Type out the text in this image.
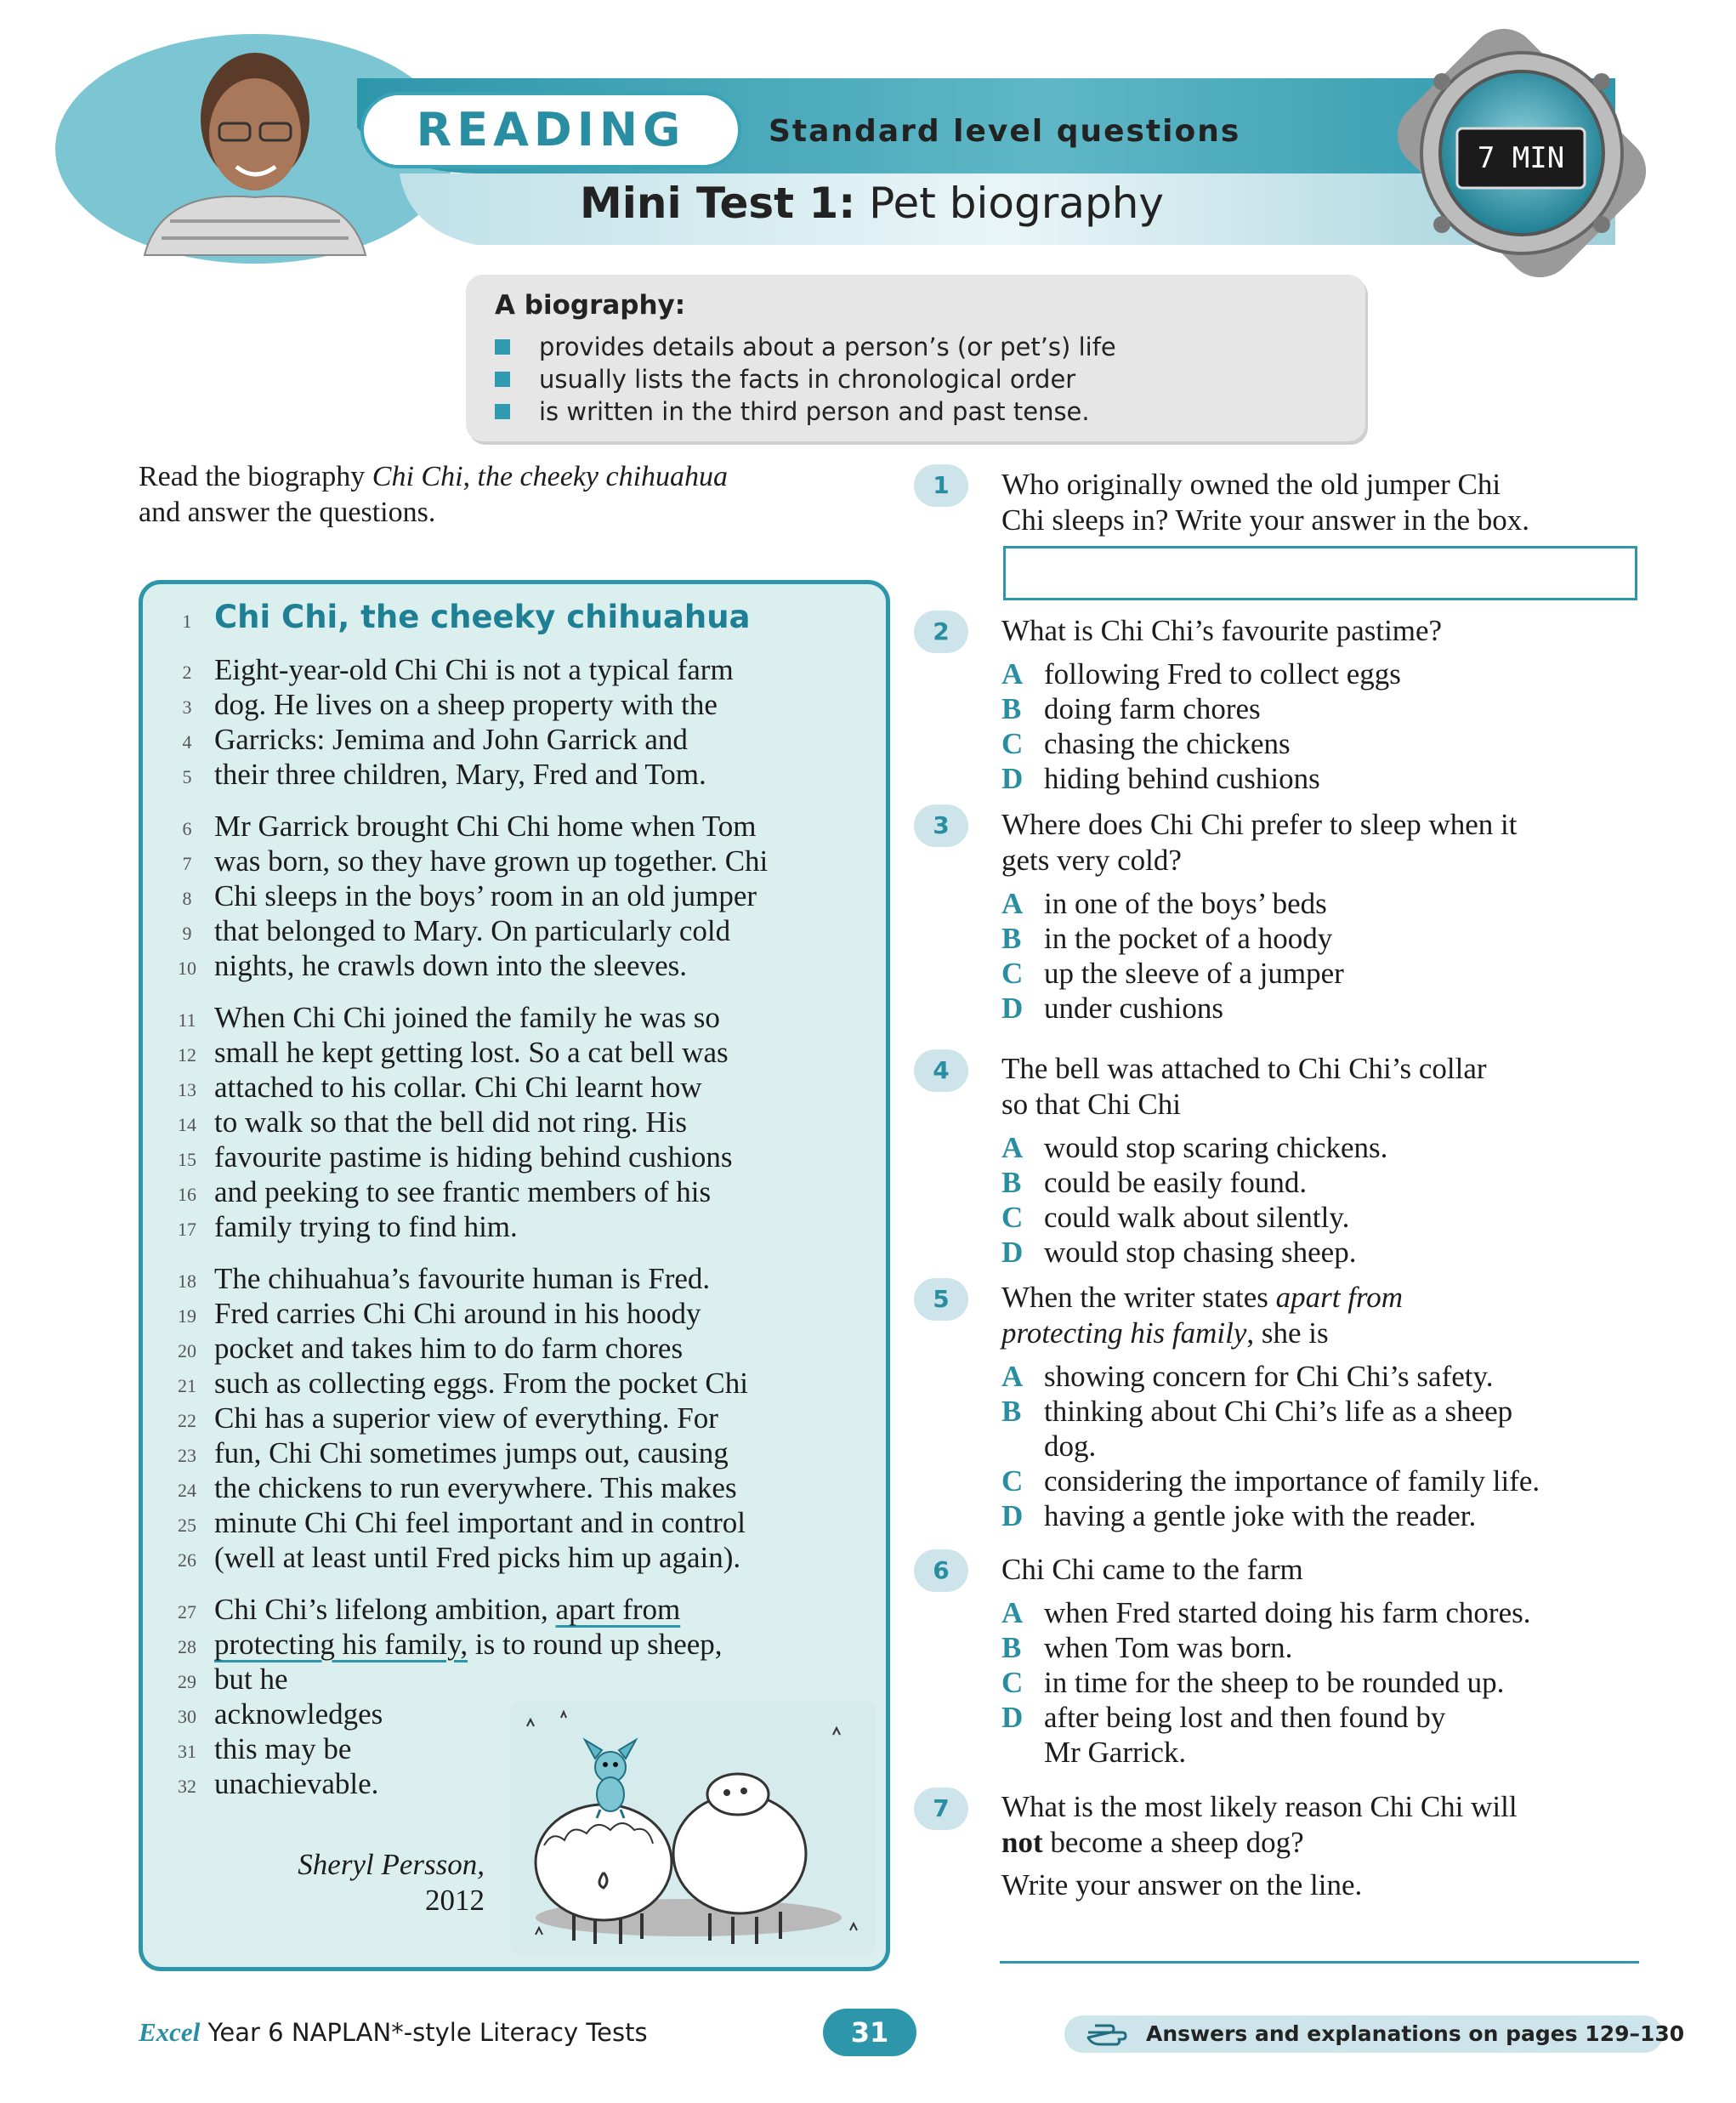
READING	Standard level questions
Mini Test 1: Pet biography
7 MIN
A biography:
provides details about a person’s (or pet’s) life
usually lists the facts in chronological order
is written in the third person and past tense.
Read the biography Chi Chi, the cheeky chihuahua
and answer the questions.
1
2
3
4
5
6
7
8
9
10
11
12
13
14
15
16
17
18
19
20
21
22
23
24
25
26
27
28
29
30
31
32
Chi Chi, the cheeky chihuahua
Eight-year-old Chi Chi is not a typical farm
dog. He lives on a sheep property with the
Garricks: Jemima and John Garrick and
their three children, Mary, Fred and Tom.
Mr Garrick brought Chi Chi home when Tom
was born, so they have grown up together. Chi
Chi sleeps in the boys’ room in an old jumper
that belonged to Mary. On particularly cold
nights, he crawls down into the sleeves.
When Chi Chi joined the family he was so
small he kept getting lost. So a cat bell was
attached to his collar. Chi Chi learnt how
to walk so that the bell did not ring. His
favourite pastime is hiding behind cushions
and peeking to see frantic members of his
family trying to find him.
The chihuahua’s favourite human is Fred.
Fred carries Chi Chi around in his hoody
pocket and takes him to do farm chores
such as collecting eggs. From the pocket Chi
Chi has a superior view of everything. For
fun, Chi Chi sometimes jumps out, causing
the chickens to run everywhere. This makes
minute Chi Chi feel important and in control
(well at least until Fred picks him up again).
Chi Chi’s lifelong ambition, apart from
protecting his family, is to round up sheep,
but he
acknowledges
this may be
unachievable.
Sheryl Persson,
2012
1	Who originally owned the old jumper Chi
Chi sleeps in? Write your answer in the box.
2	What is Chi Chi’s favourite pastime?
A following Fred to collect eggs
B doing farm chores
C chasing the chickens
D hiding behind cushions
3	Where does Chi Chi prefer to sleep when it
gets very cold?
A in one of the boys’ beds
B in the pocket of a hoody
C up the sleeve of a jumper
D under cushions
4	The bell was attached to Chi Chi’s collar
so that Chi Chi
A would stop scaring chickens.
B could be easily found.
C could walk about silently.
D would stop chasing sheep.
5	When the writer states apart from
protecting his family, she is
A showing concern for Chi Chi’s safety.
B thinking about Chi Chi’s life as a sheep
dog.
C considering the importance of family life.
D having a gentle joke with the reader.
6	Chi Chi came to the farm
A when Fred started doing his farm chores.
B when Tom was born.
C in time for the sheep to be rounded up.
D after being lost and then found by
Mr Garrick.
7	What is the most likely reason Chi Chi will
not become a sheep dog?
Write your answer on the line.
Excel Year 6 NAPLAN*-style Literacy Tests	31	Answers and explanations on pages 129–130
